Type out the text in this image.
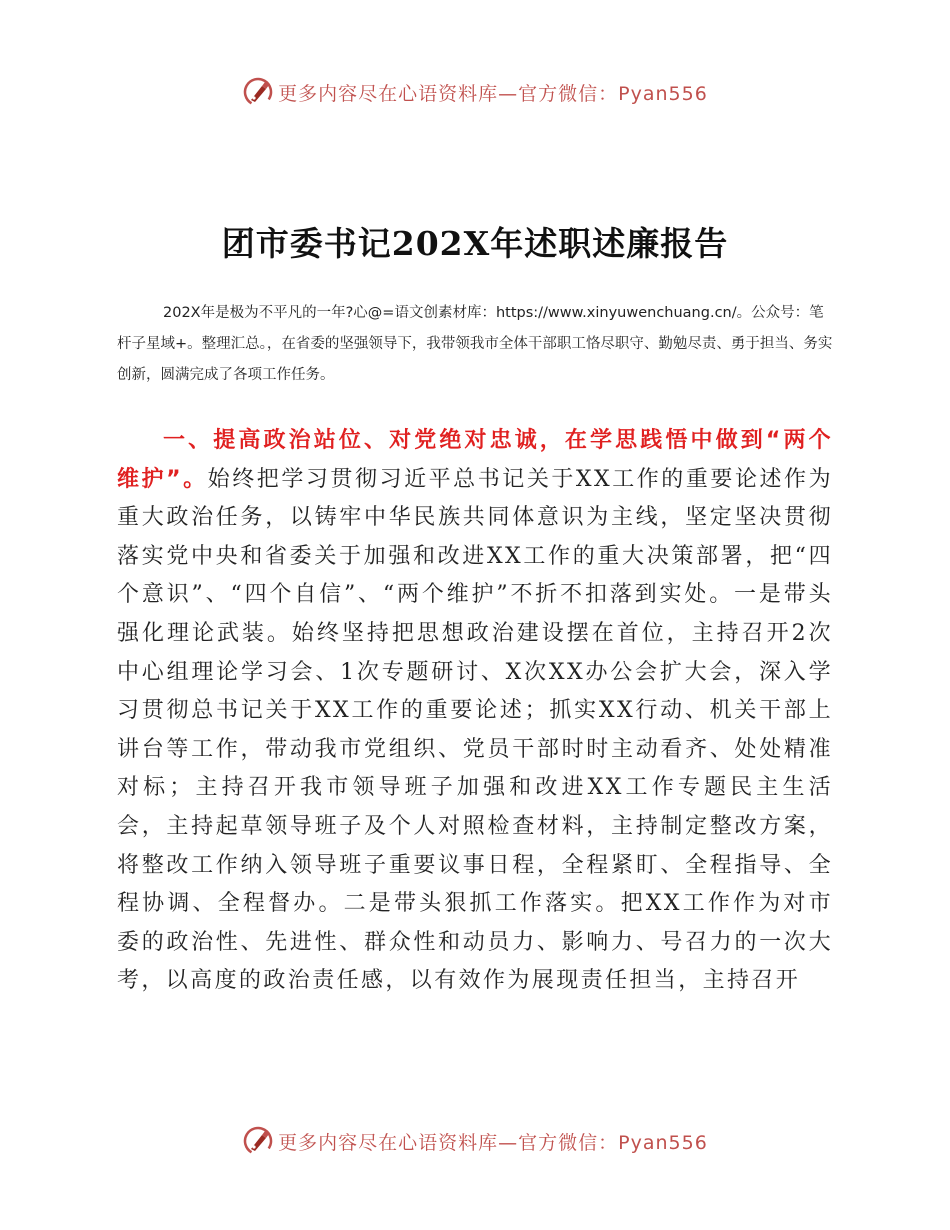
更多内容尽在心语资料库—官方微信：Pyan556
团市委书记202X年述职述廉报告

202X年是极为不平凡的一年?心@=语文创素材库：https://www.xinyuwenchuang.cn/。公众号：笔杆子星域+。整理汇总。，在省委的坚强领导下，我带领我市全体干部职工恪尽职守、勤勉尽责、勇于担当、务实创新，圆满完成了各项工作任务。

一、提高政治站位、对党绝对忠诚，在学思践悟中做到“两个维护”。始终把学习贯彻习近平总书记关于XX工作的重要论述作为重大政治任务，以铸牢中华民族共同体意识为主线，坚定坚决贯彻落实党中央和省委关于加强和改进XX工作的重大决策部署，把“四个意识”、“四个自信”、“两个维护”不折不扣落到实处。一是带头强化理论武装。始终坚持把思想政治建设摆在首位，主持召开2次中心组理论学习会、1次专题研讨、X次XX办公会扩大会，深入学习贯彻总书记关于XX工作的重要论述；抓实XX行动、机关干部上讲台等工作，带动我市党组织、党员干部时时主动看齐、处处精准对标；主持召开我市领导班子加强和改进XX工作专题民主生活会，主持起草领导班子及个人对照检查材料，主持制定整改方案，将整改工作纳入领导班子重要议事日程，全程紧盯、全程指导、全程协调、全程督办。二是带头狠抓工作落实。把XX工作作为对市委的政治性、先进性、群众性和动员力、影响力、号召力的一次大考，以高度的政治责任感，以有效作为展现责任担当，主持召开

更多内容尽在心语资料库—官方微信：Pyan556
